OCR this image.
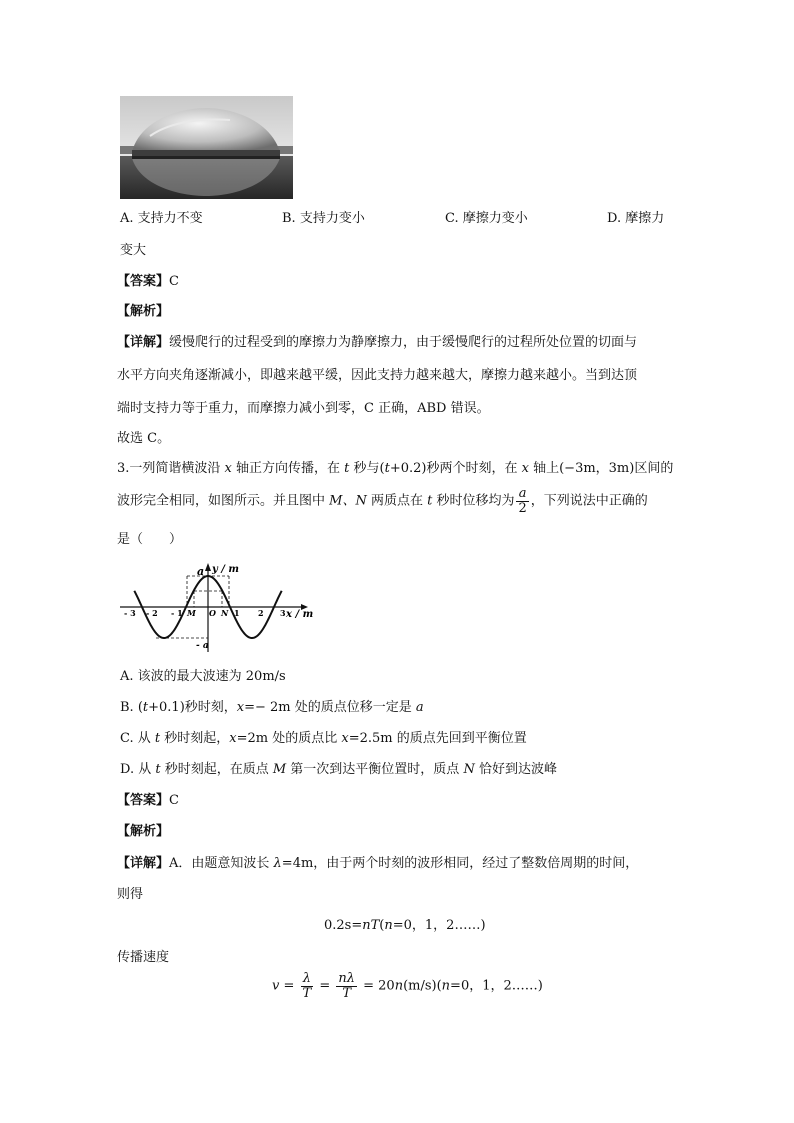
A. 支持力不变	B. 支持力变小	C. 摩擦力变小	D. 摩擦力
变大
【答案】C
【解析】
【详解】缓慢爬行的过程受到的摩擦力为静摩擦力，由于缓慢爬行的过程所处位置的切面与
水平方向夹角逐渐减小，即越来越平缓，因此支持力越来越大，摩擦力越来越小。当到达顶
端时支持力等于重力，而摩擦力减小到零，C 正确，ABD 错误。
故选 C。
3.一列简谐横波沿 x 轴正方向传播，在 t 秒与(t+0.2)秒两个时刻，在 x 轴上(−3m，3m)区间的
波形完全相同，如图所示。并且图中 M、N 两质点在 t 秒时位移均为 $\frac{a}{2}$ ，下列说法中正确的
是（　　）
y / m
x / m
a
- a
O
M	N
- 3 - 2 - 1	1 2 3
A. 该波的最大波速为 20m/s
B. (t+0.1)秒时刻，x=− 2m 处的质点位移一定是 a
C. 从 t 秒时刻起，x=2m 处的质点比 x=2.5m 的质点先回到平衡位置
D. 从 t 秒时刻起，在质点 M 第一次到达平衡位置时，质点 N 恰好到达波峰
【答案】C
【解析】
【详解】A．由题意知波长 λ=4m，由于两个时刻的波形相同，经过了整数倍周期的时间，
则得
0.2s=nT(n=0，1，2……)
传播速度
$v = \frac{\lambda}{T} = \frac{n\lambda}{T} = 20n(m/s)(n=0$，1，2……)
